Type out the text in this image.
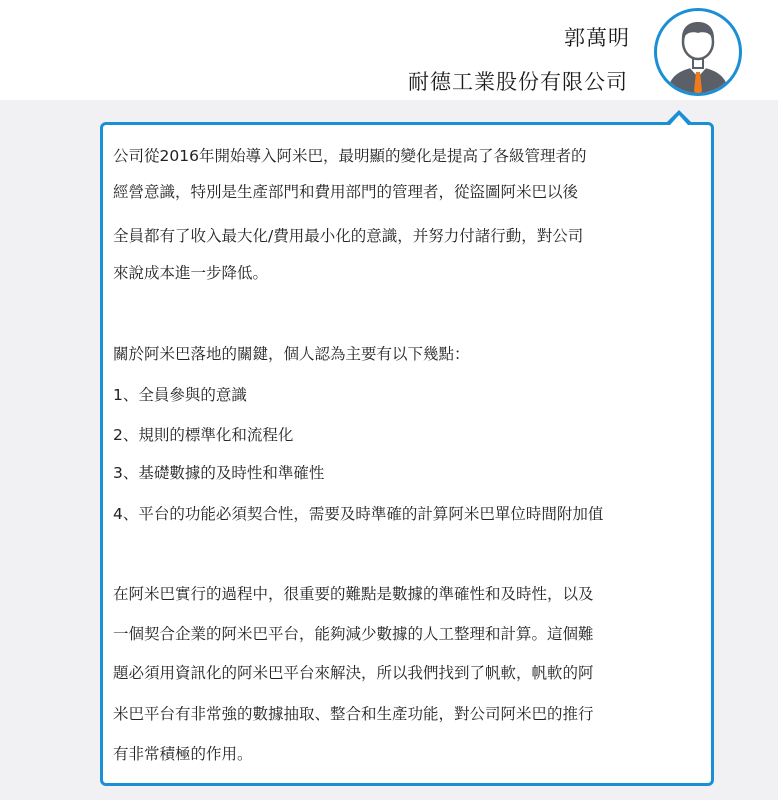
郭萬明
耐德工業股份有限公司
公司從2016年開始導入阿米巴，最明顯的變化是提高了各級管理者的
經營意識，特別是生產部門和費用部門的管理者，從盜圖阿米巴以後
全員都有了收入最大化/費用最小化的意識，并努力付諸行動，對公司
來說成本進一步降低。
關於阿米巴落地的關鍵，個人認為主要有以下幾點：
1、全員參與的意識
2、規則的標準化和流程化
3、基礎數據的及時性和準確性
4、平台的功能必須契合性，需要及時準確的計算阿米巴單位時間附加值
在阿米巴實行的過程中，很重要的難點是數據的準確性和及時性，以及
一個契合企業的阿米巴平台，能夠減少數據的人工整理和計算。這個難
題必須用資訊化的阿米巴平台來解決，所以我們找到了帆軟，帆軟的阿
米巴平台有非常強的數據抽取、整合和生產功能，對公司阿米巴的推行
有非常積極的作用。
